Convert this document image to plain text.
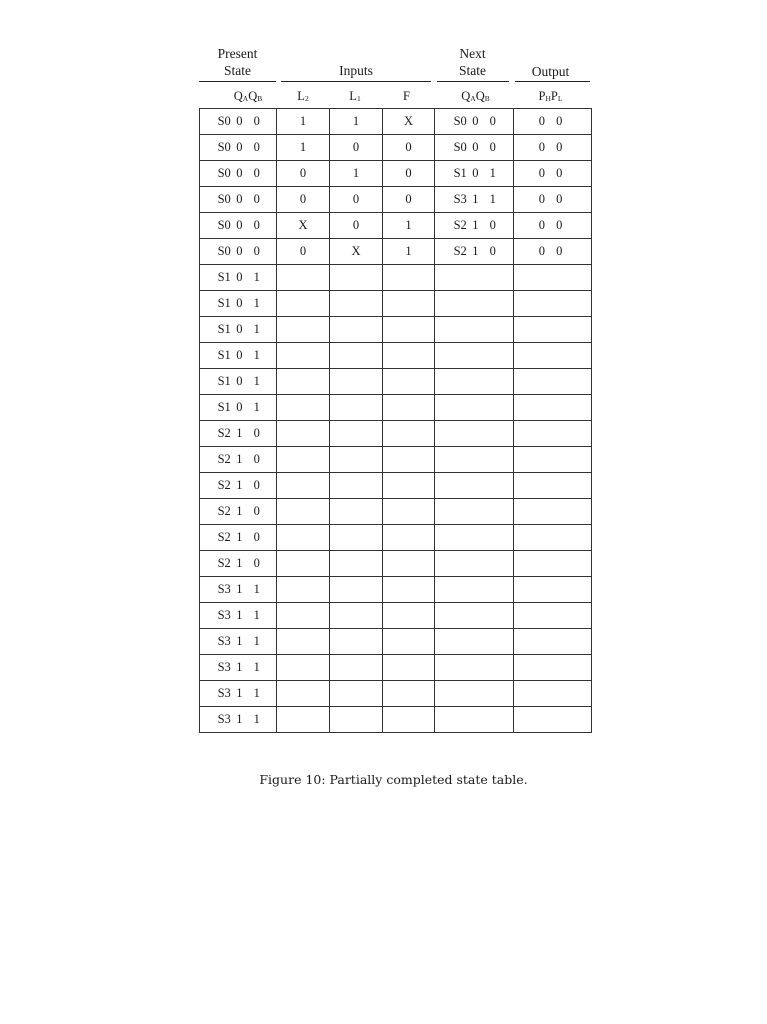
Present
State	Inputs
Next
State	Output
$Q_AQ_B$	$L_2$	$L_1$	F	$Q_AQ_B$	$P_HP_L$
S0 0 0	1	1	X	S0 0 0	0 0
S0 0 0	1	0	0	S0 0 0	0 0
S0 0 0	0	1	0	S1 0 1	0 0
S0 0 0	0	0	0	S3 1 1	0 0
S0 0 0	X	0	1	S2 1 0	0 0
S0 0 0	0	X	1	S2 1 0	0 0
S1 0 1					
S1 0 1					
S1 0 1					
S1 0 1					
S1 0 1					
S1 0 1					
S2 1 0					
S2 1 0					
S2 1 0					
S2 1 0					
S2 1 0					
S2 1 0					
S3 1 1					
S3 1 1					
S3 1 1					
S3 1 1					
S3 1 1					
S3 1 1					
Figure 10: Partially completed state table.
